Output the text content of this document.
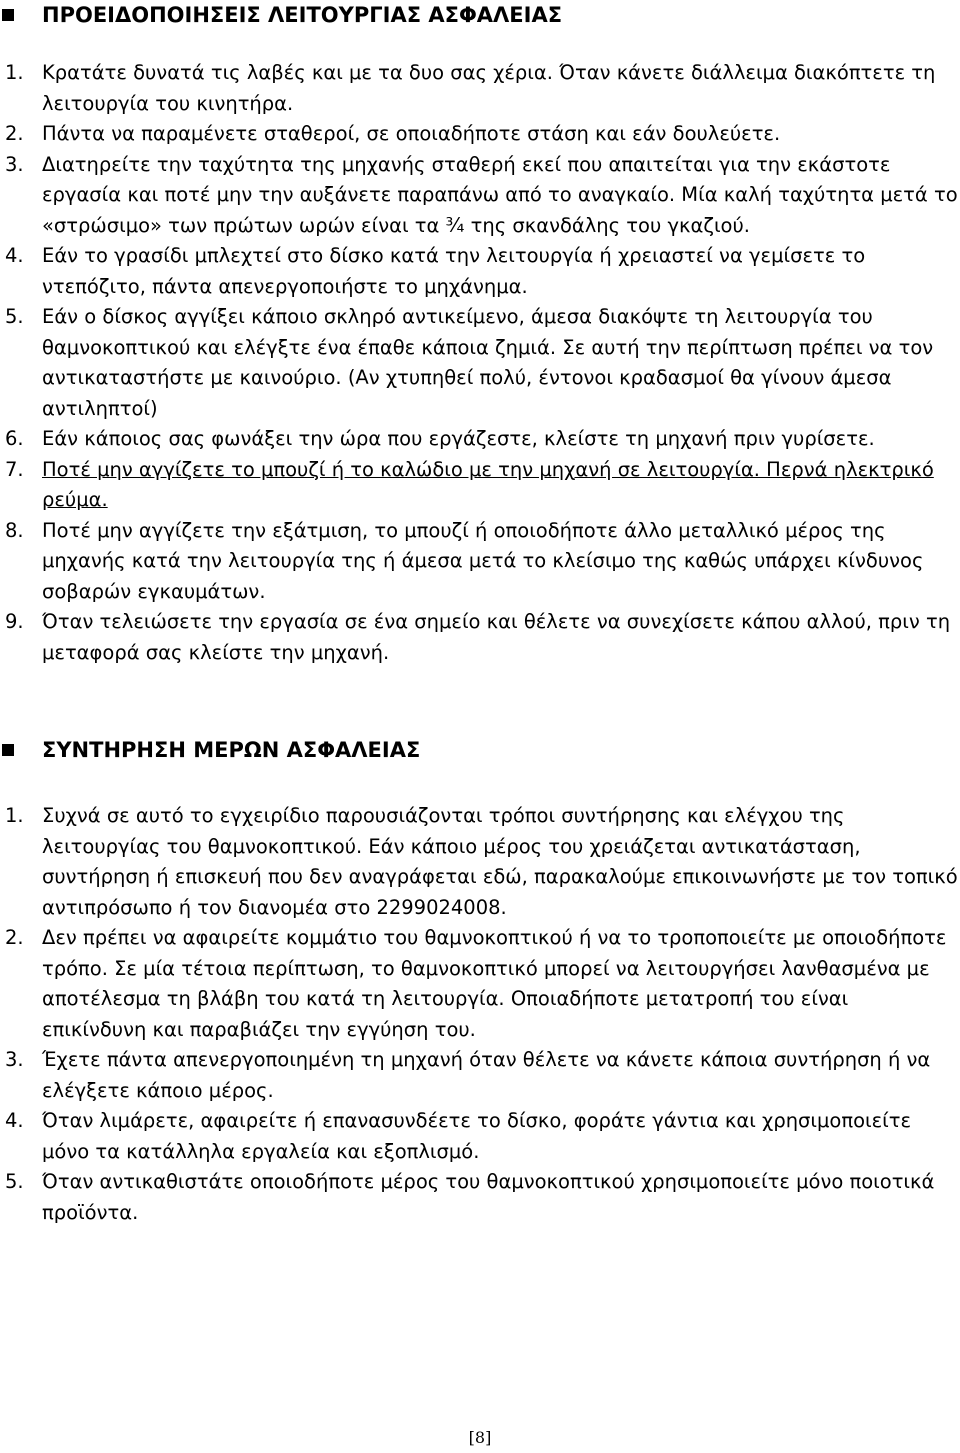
ΠΡΟΕΙΔΟΠΟΙΗΣΕΙΣ ΛΕΙΤΟΥΡΓΙΑΣ ΑΣΦΑΛΕΙΑΣ
1. Κρατάτε δυνατά τις λαβές και με τα δυο σας χέρια. Όταν κάνετε διάλλειμα διακόπτετε τη λειτουργία του κινητήρα.
2. Πάντα να παραμένετε σταθεροί, σε οποιαδήποτε στάση και εάν δουλεύετε.
3. Διατηρείτε την ταχύτητα της μηχανής σταθερή εκεί που απαιτείται για την εκάστοτε εργασία και ποτέ μην την αυξάνετε παραπάνω από το αναγκαίο. Μία καλή ταχύτητα μετά το «στρώσιμο» των πρώτων ωρών είναι τα ¾ της σκανδάλης του γκαζιού.
4. Εάν το γρασίδι μπλεχτεί στο δίσκο κατά την λειτουργία ή χρειαστεί να γεμίσετε το ντεπόζιτο, πάντα απενεργοποιήστε το μηχάνημα.
5. Εάν ο δίσκος αγγίξει κάποιο σκληρό αντικείμενο, άμεσα διακόψτε τη λειτουργία του θαμνοκοπτικού και ελέγξτε ένα έπαθε κάποια ζημιά. Σε αυτή την περίπτωση πρέπει να τον αντικαταστήστε με καινούριο. (Αν χτυπηθεί πολύ, έντονοι κραδασμοί θα γίνουν άμεσα αντιληπτοί)
6. Εάν κάποιος σας φωνάξει την ώρα που εργάζεστε, κλείστε τη μηχανή πριν γυρίσετε.
7. Ποτέ μην αγγίζετε το μπουζί ή το καλώδιο με την μηχανή σε λειτουργία. Περνά ηλεκτρικό ρεύμα.
8. Ποτέ μην αγγίζετε την εξάτμιση, το μπουζί ή οποιοδήποτε άλλο μεταλλικό μέρος της μηχανής κατά την λειτουργία της ή άμεσα μετά το κλείσιμο της καθώς υπάρχει κίνδυνος σοβαρών εγκαυμάτων.
9. Όταν τελειώσετε την εργασία σε ένα σημείο και θέλετε να συνεχίσετε κάπου αλλού, πριν τη μεταφορά σας κλείστε την μηχανή.
ΣΥΝΤΗΡΗΣΗ ΜΕΡΩΝ ΑΣΦΑΛΕΙΑΣ
1. Συχνά σε αυτό το εγχειρίδιο παρουσιάζονται τρόποι συντήρησης και ελέγχου της λειτουργίας του θαμνοκοπτικού. Εάν κάποιο μέρος του χρειάζεται αντικατάσταση, συντήρηση ή επισκευή που δεν αναγράφεται εδώ, παρακαλούμε επικοινωνήστε με τον τοπικό αντιπρόσωπο ή τον διανομέα στο 2299024008.
2. Δεν πρέπει να αφαιρείτε κομμάτιο του θαμνοκοπτικού ή να το τροποποιείτε με οποιοδήποτε τρόπο. Σε μία τέτοια περίπτωση, το θαμνοκοπτικό μπορεί να λειτουργήσει λανθασμένα με αποτέλεσμα τη βλάβη του κατά τη λειτουργία. Οποιαδήποτε μετατροπή του είναι επικίνδυνη και παραβιάζει την εγγύηση του.
3. Έχετε πάντα απενεργοποιημένη τη μηχανή όταν θέλετε να κάνετε κάποια συντήρηση ή να ελέγξετε κάποιο μέρος.
4. Όταν λιμάρετε, αφαιρείτε ή επανασυνδέετε το δίσκο, φοράτε γάντια και χρησιμοποιείτε μόνο τα κατάλληλα εργαλεία και εξοπλισμό.
5. Όταν αντικαθιστάτε οποιοδήποτε μέρος του θαμνοκοπτικού χρησιμοποιείτε μόνο ποιοτικά προϊόντα.
[8]
